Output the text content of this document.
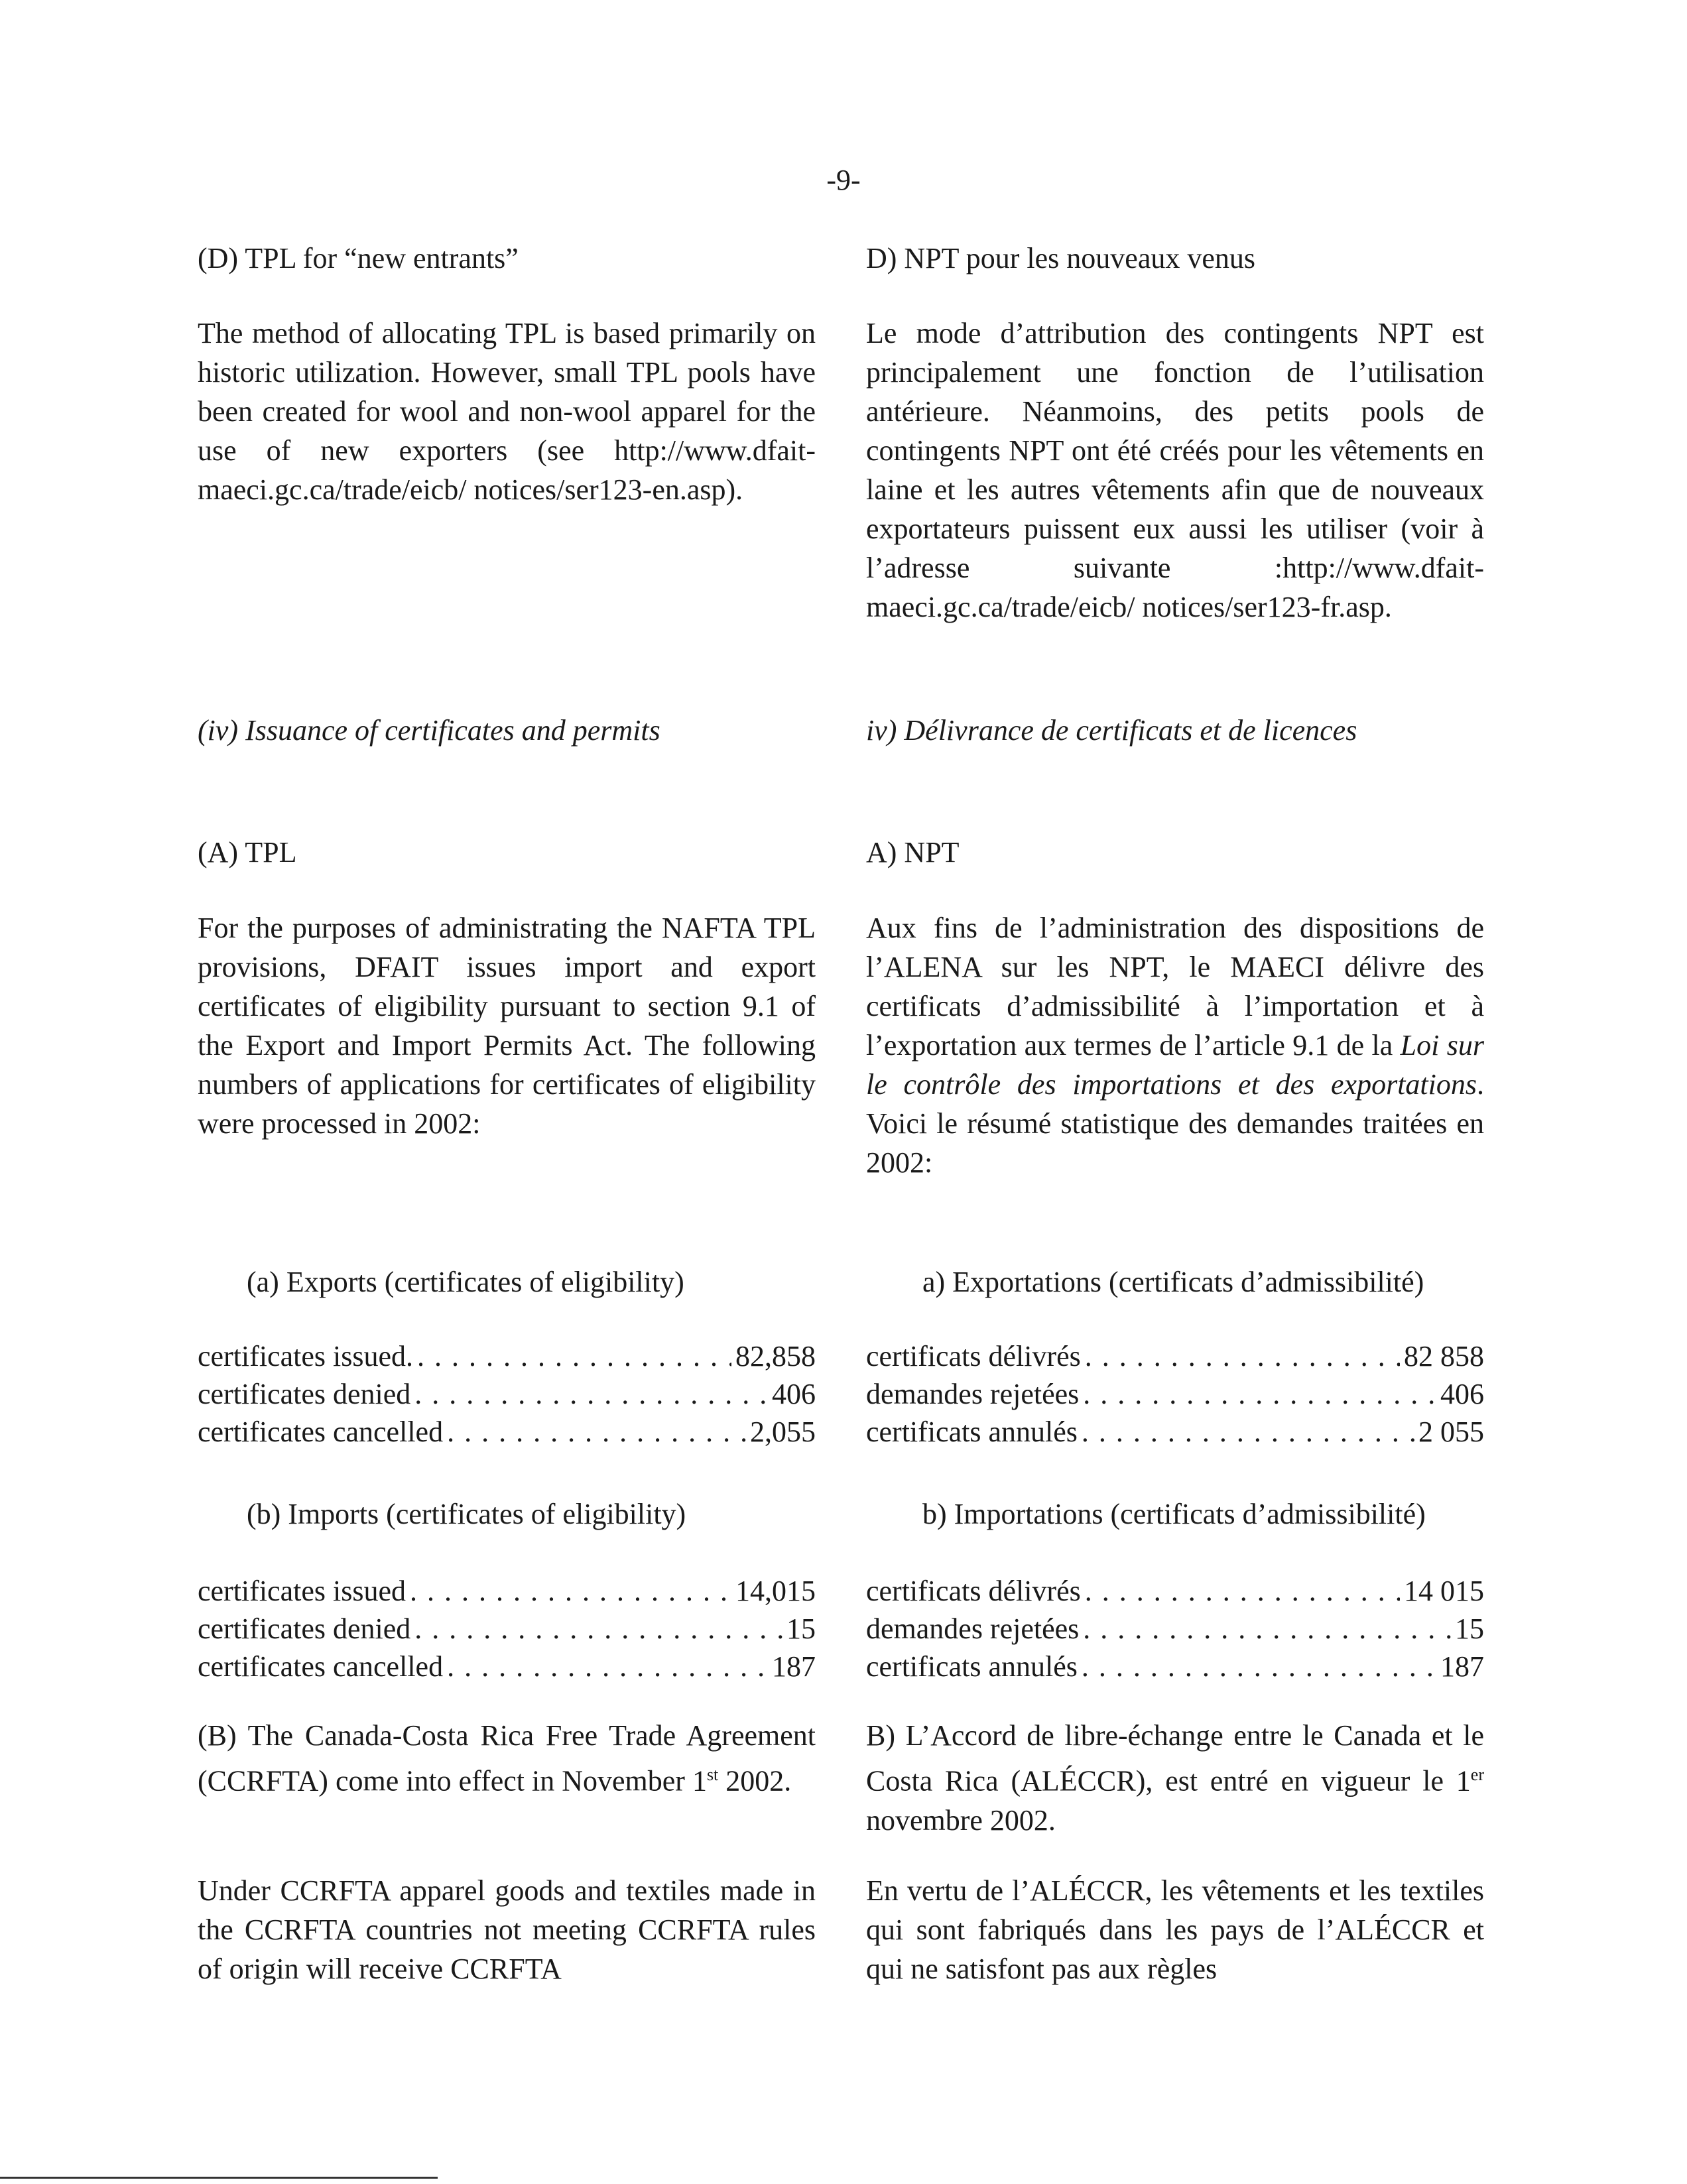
-9-

(D) TPL for “new entrants”

The method of allocating TPL is based primarily on historic utilization. However, small TPL pools have been created for wool and non-wool apparel for the use of new exporters (see http://www.dfait-maeci.gc.ca/trade/eicb/ notices/ser123-en.asp).

(iv) Issuance of certificates and permits

(A) TPL

For the purposes of administrating the NAFTA TPL provisions, DFAIT issues import and export certificates of eligibility pursuant to section 9.1 of the Export and Import Permits Act. The following numbers of applications for certificates of eligibility were processed in 2002:

(a) Exports (certificates of eligibility)

certificates issued. . . .	82,858
certificates denied . . .	406
certificates cancelled . . .	2,055

(b) Imports (certificates of eligibility)

certificates issued . . .	14,015
certificates denied . . .	15
certificates cancelled . . .	187

(B) The Canada-Costa Rica Free Trade Agreement (CCRFTA) come into effect in November 1st 2002.

Under CCRFTA apparel goods and textiles made in the CCRFTA countries not meeting CCRFTA rules of origin will receive CCRFTA

D) NPT pour les nouveaux venus

Le mode d’attribution des contingents NPT est principalement une fonction de l’utilisation antérieure. Néanmoins, des petits pools de contingents NPT ont été créés pour les vêtements en laine et les autres vêtements afin que de nouveaux exportateurs puissent eux aussi les utiliser (voir à l’adresse suivante :http://www.dfait-maeci.gc.ca/trade/eicb/ notices/ser123-fr.asp.

iv) Délivrance de certificats et de licences

A) NPT

Aux fins de l’administration des dispositions de l’ALENA sur les NPT, le MAECI délivre des certificats d’admissibilité à l’importation et à l’exportation aux termes de l’article 9.1 de la Loi sur le contrôle des importations et des exportations. Voici le résumé statistique des demandes traitées en 2002:

a) Exportations (certificats d’admissibilité)

certificats délivrés . . .	82 858
demandes rejetées . . .	406
certificats annulés . . .	2 055

b) Importations (certificats d’admissibilité)

certificats délivrés . . .	14 015
demandes rejetées . . .	15
certificats annulés . . .	187

B) L’Accord de libre-échange entre le Canada et le Costa Rica (ALÉCCR), est entré en vigueur le 1er novembre 2002.

En vertu de l’ALÉCCR, les vêtements et les textiles qui sont fabriqués dans les pays de l’ALÉCCR et qui ne satisfont pas aux règles
